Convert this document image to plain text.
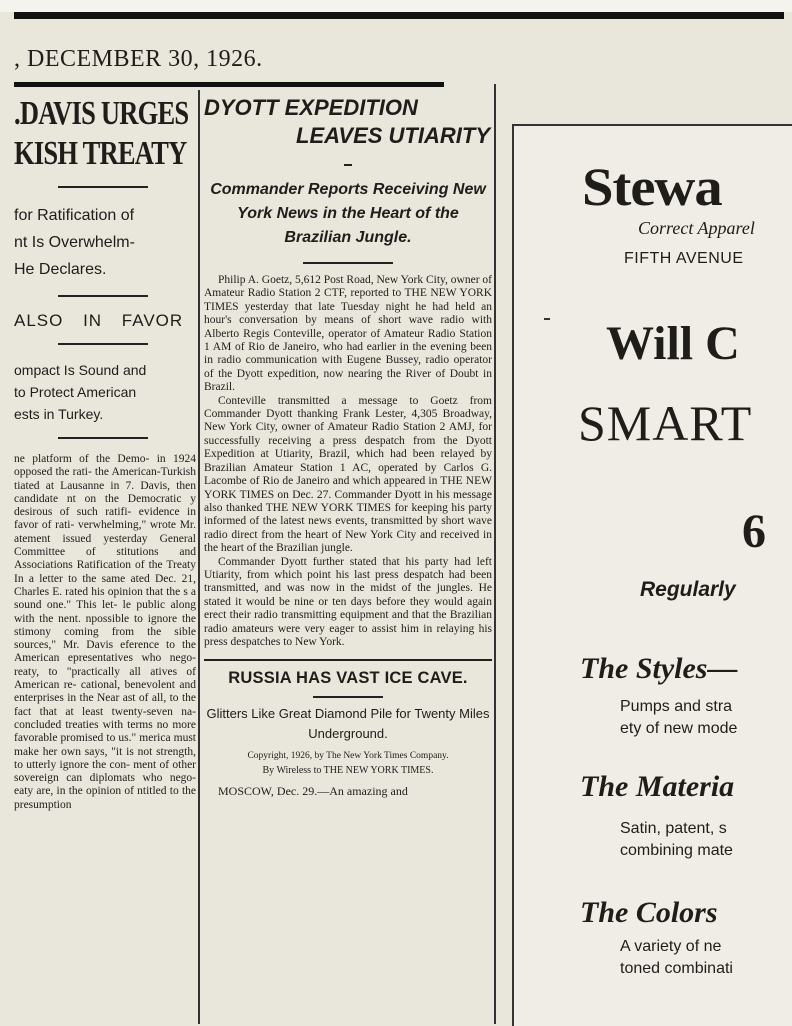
, DECEMBER 30, 1926.
.DAVIS URGES
KISH TREATY
for Ratification of
nt Is Overwhelm-
He Declares.
ALSO IN FAVOR
ompact Is Sound and
to Protect American
ests in Turkey.
ne platform of the Demo- in 1924 opposed the rati- the American-Turkish tiated at Lausanne in 7. Davis, then candidate nt on the Democratic y desirous of such ratifi- evidence in favor of rati- verwhelming," wrote Mr. atement issued yesterday General Committee of stitutions and Associations Ratification of the Treaty In a letter to the same ated Dec. 21, Charles E. rated his opinion that the s a sound one." This let- le public along with the nent. npossible to ignore the stimony coming from the sible sources," Mr. Davis eference to the American epresentatives who nego- reaty, to "practically all atives of American re- cational, benevolent and enterprises in the Near ast of all, to the fact that at least twenty-seven na- concluded treaties with terms no more favorable promised to us." merica must make her own says, "it is not strength, to utterly ignore the con- ment of other sovereign can diplomats who nego- eaty are, in the opinion of ntitled to the presumption
DYOTT EXPEDITION
LEAVES UTIARITY
Commander Reports Receiving New York News in the Heart of the Brazilian Jungle.

Philip A. Goetz, 5,612 Post Road, New York City, owner of Amateur Radio Station 2 CTF, reported to THE NEW YORK TIMES yesterday that late Tuesday night he had held an hour's conversation by means of short wave radio with Alberto Regis Conteville, operator of Amateur Radio Station 1 AM of Rio de Janeiro, who had earlier in the evening been in radio communication with Eugene Bussey, radio operator of the Dyott expedition, now nearing the River of Doubt in Brazil.

Conteville transmitted a message to Goetz from Commander Dyott thanking Frank Lester, 4,305 Broadway, New York City, owner of Amateur Radio Station 2 AMJ, for successfully receiving a press despatch from the Dyott Expedition at Utiarity, Brazil, which had been relayed by Brazilian Amateur Station 1 AC, operated by Carlos G. Lacombe of Rio de Janeiro and which appeared in THE NEW YORK TIMES on Dec. 27. Commander Dyott in his message also thanked THE NEW YORK TIMES for keeping his party informed of the latest news events, transmitted by short wave radio direct from the heart of New York City and received in the heart of the Brazilian jungle.

Commander Dyott further stated that his party had left Utiarity, from which point his last press despatch had been transmitted, and was now in the midst of the jungles. He stated it would be nine or ten days before they would again erect their radio transmitting equipment and that the Brazilian radio amateurs were very eager to assist him in relaying his press despatches to New York.

RUSSIA HAS VAST ICE CAVE.
Glitters Like Great Diamond Pile for Twenty Miles Underground.
Copyright, 1926, by The New York Times Company.
By Wireless to THE NEW YORK TIMES.
MOSCOW, Dec. 29.—An amazing and
Stewa
Correct Apparel
FIFTH AVENUE
Will C
SMART
6
Regularly
The Styles—
Pumps and stra
ety of new mode
The Materia
Satin, patent, s
combining mate
The Colors
A variety of ne
toned combinati
